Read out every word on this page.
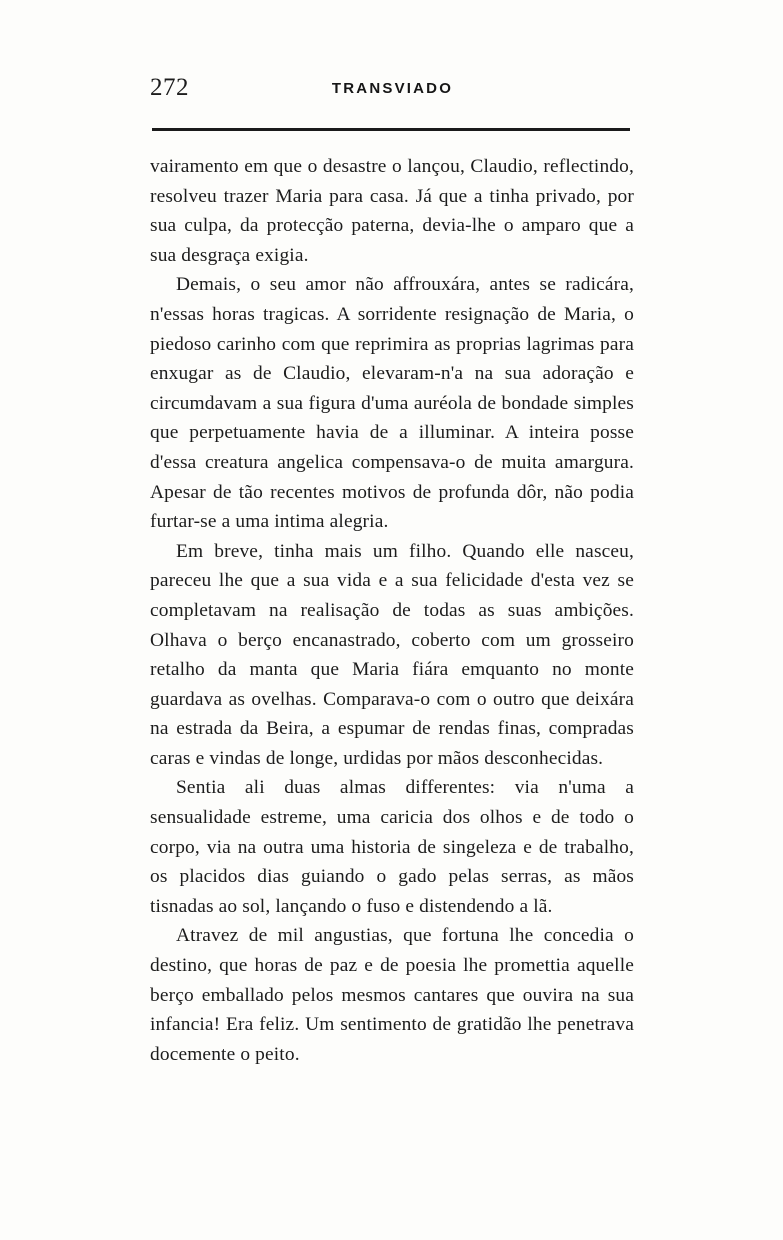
272	TRANSVIADO

vairamento em que o desastre o lançou, Claudio, reflectindo, resolveu trazer Maria para casa. Já que a tinha privado, por sua culpa, da protecção paterna, devia-lhe o amparo que a sua desgraça exigia.

Demais, o seu amor não affrouxára, antes se radicára, n'essas horas tragicas. A sorridente resignação de Maria, o piedoso carinho com que reprimira as proprias lagrimas para enxugar as de Claudio, elevaram-n'a na sua adoração e circumdavam a sua figura d'uma auréola de bondade simples que perpetuamente havia de a illuminar. A inteira posse d'essa creatura angelica compensava-o de muita amargura. Apesar de tão recentes motivos de profunda dôr, não podia furtar-se a uma intima alegria.

Em breve, tinha mais um filho. Quando elle nasceu, pareceu lhe que a sua vida e a sua felicidade d'esta vez se completavam na realisação de todas as suas ambições. Olhava o berço encanastrado, coberto com um grosseiro retalho da manta que Maria fiára emquanto no monte guardava as ovelhas. Comparava-o com o outro que deixára na estrada da Beira, a espumar de rendas finas, compradas caras e vindas de longe, urdidas por mãos desconhecidas.

Sentia ali duas almas differentes: via n'uma a sensualidade estreme, uma caricia dos olhos e de todo o corpo, via na outra uma historia de singeleza e de trabalho, os placidos dias guiando o gado pelas serras, as mãos tisnadas ao sol, lançando o fuso e distendendo a lã.

Atravez de mil angustias, que fortuna lhe concedia o destino, que horas de paz e de poesia lhe promettia aquelle berço emballado pelos mesmos cantares que ouvira na sua infancia! Era feliz. Um sentimento de gratidão lhe penetrava docemente o peito.
